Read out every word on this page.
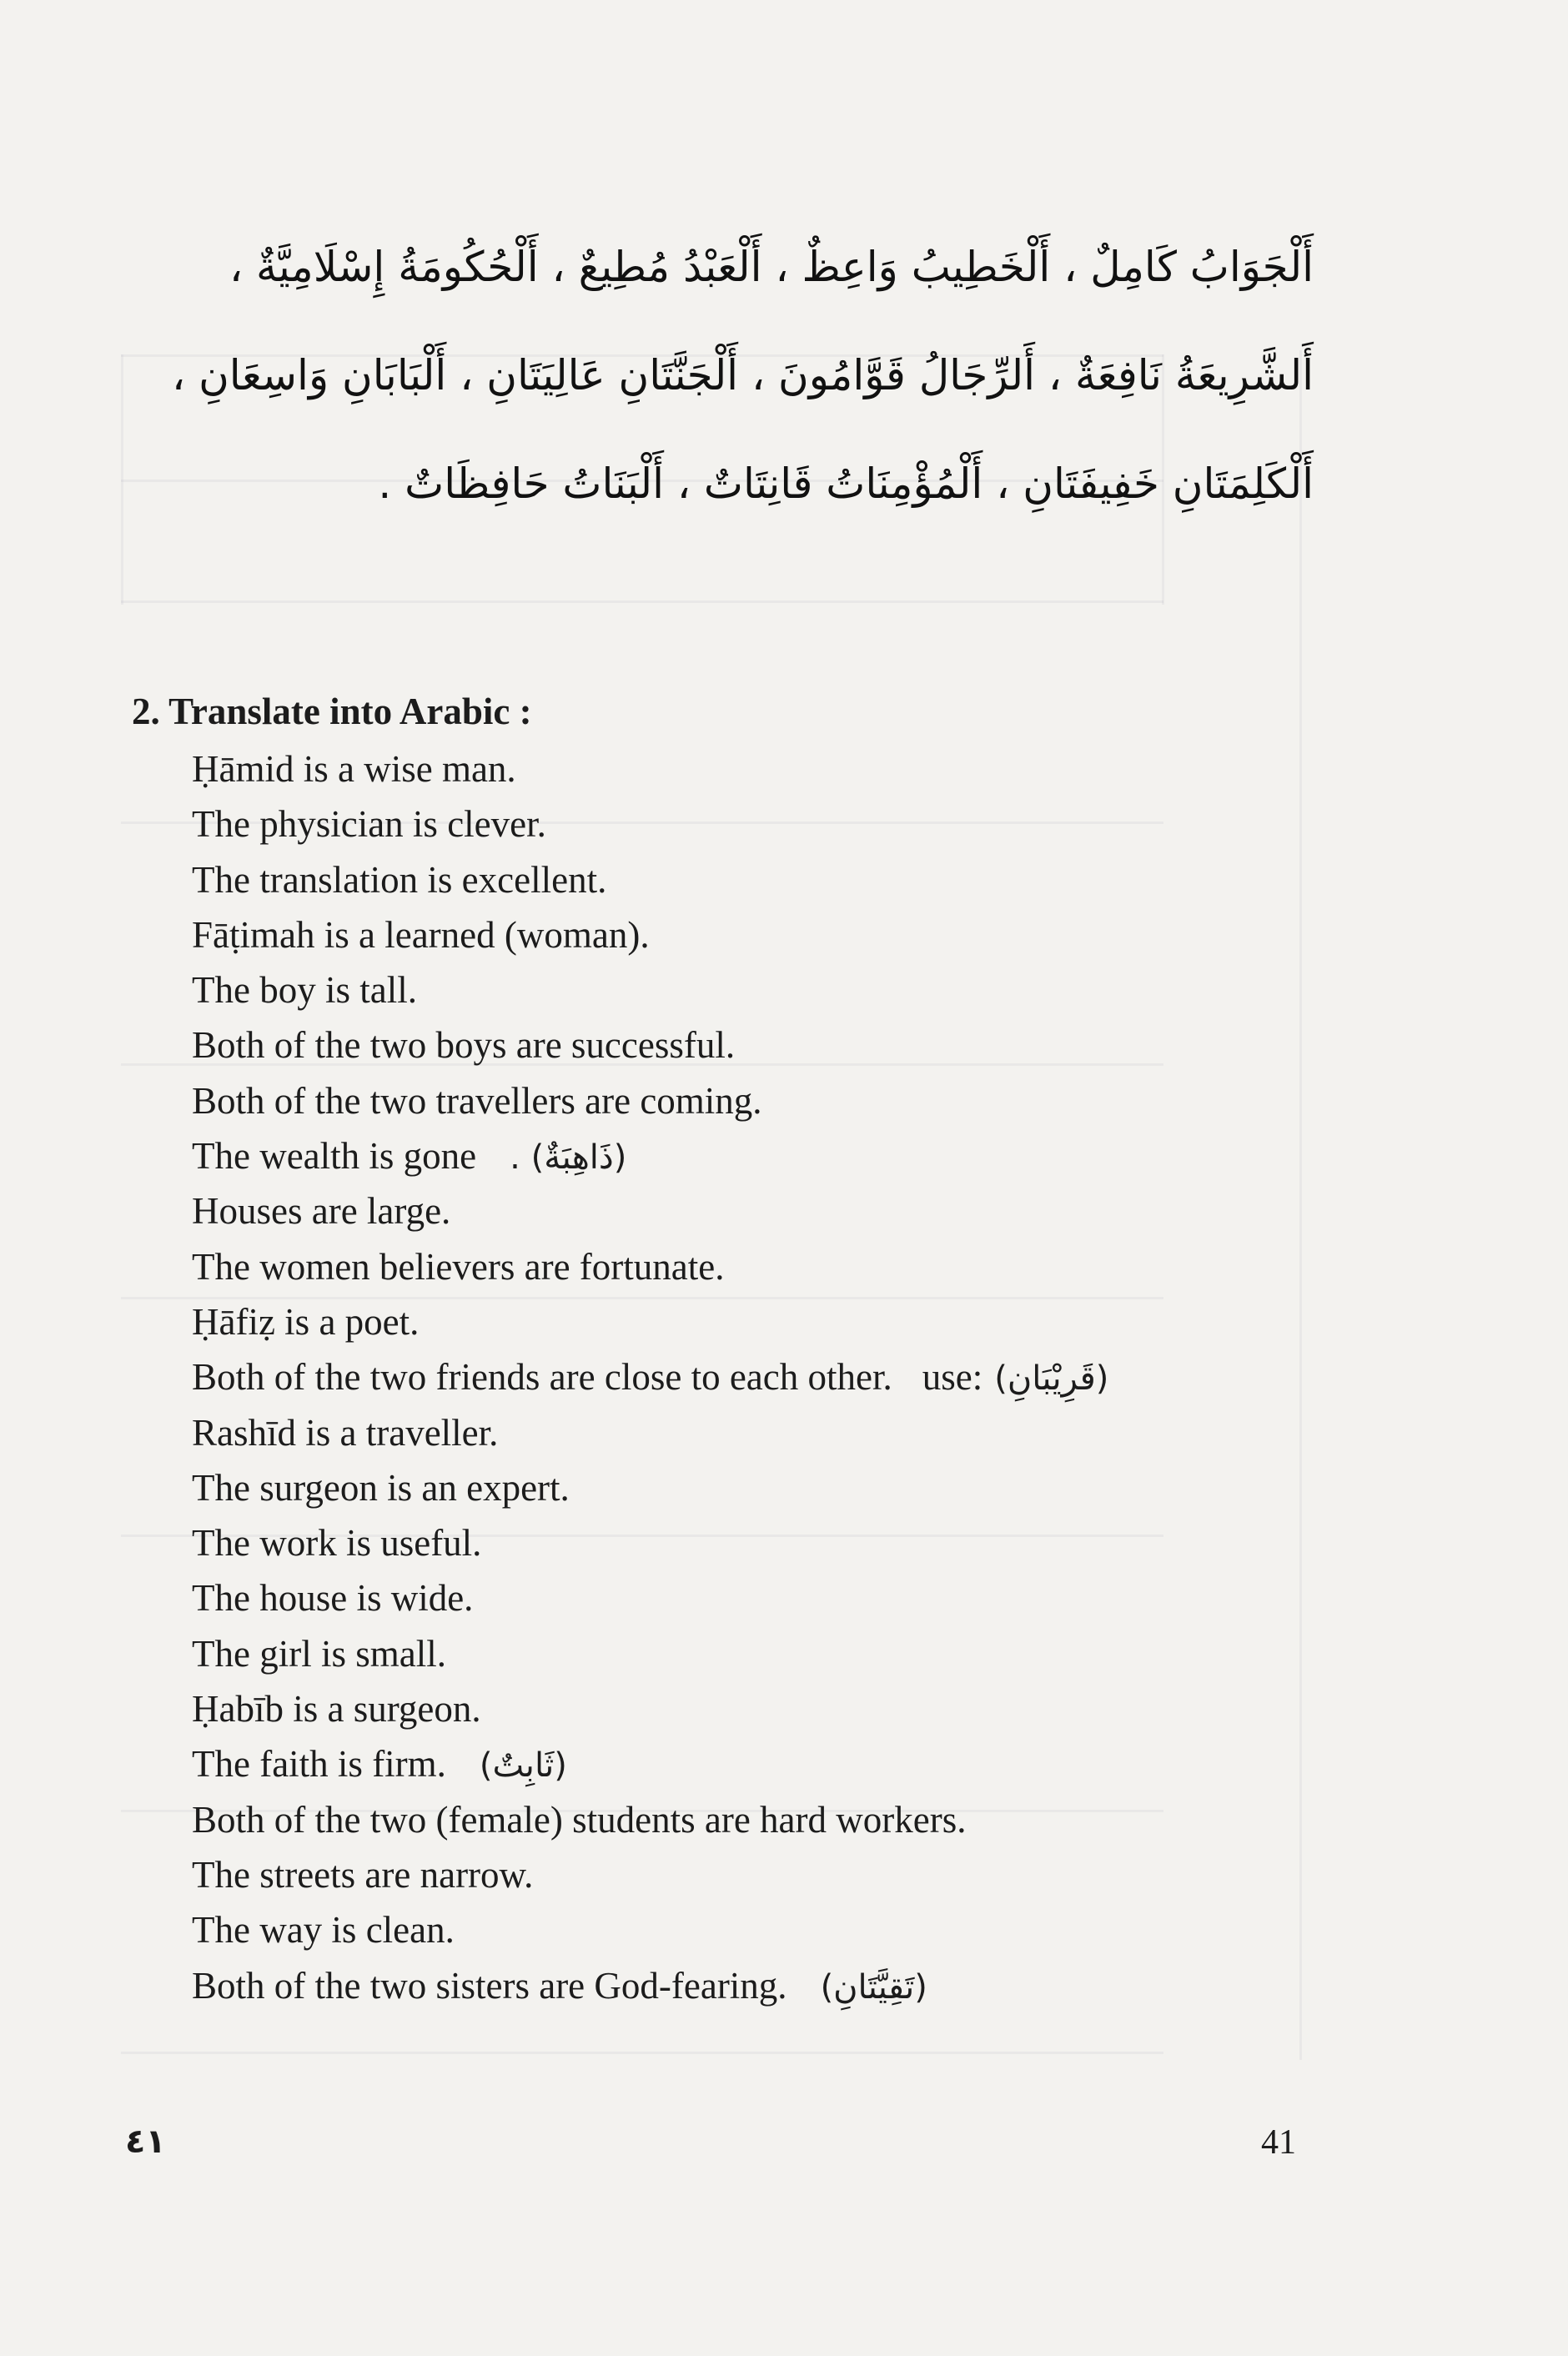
أَلْجَوَابُ كَامِلٌ ، أَلْخَطِيبُ وَاعِظٌ ، أَلْعَبْدُ مُطِيعٌ ، أَلْحُكُومَةُ إِسْلَامِيَّةٌ ،
أَلشَّرِيعَةُ نَافِعَةٌ ، أَلرِّجَالُ قَوَّامُونَ ، أَلْجَنَّتَانِ عَالِيَتَانِ ، أَلْبَابَانِ وَاسِعَانِ ،
أَلْكَلِمَتَانِ خَفِيفَتَانِ ، أَلْمُؤْمِنَاتُ قَانِتَاتٌ ، أَلْبَنَاتُ حَافِظَاتٌ .
2. Translate into Arabic :
Ḥāmid is a wise man.
The physician is clever.
The translation is excellent.
Fāṭimah is a learned (woman).
The boy is tall.
Both of the two boys are successful.
Both of the two travellers are coming.
The wealth is gone (ذَاهِبَةٌ) .
Houses are large.
The women believers are fortunate.
Ḥāfiẓ is a poet.
Both of the two friends are close to each other. use: (قَرِيْبَانِ)
Rashīd is a traveller.
The surgeon is an expert.
The work is useful.
The house is wide.
The girl is small.
Ḥabīb is a surgeon.
The faith is firm. (ثَابِتٌ)
Both of the two (female) students are hard workers.
The streets are narrow.
The way is clean.
Both of the two sisters are God-fearing. (تَقِيَّتَانِ)
٤١	41
